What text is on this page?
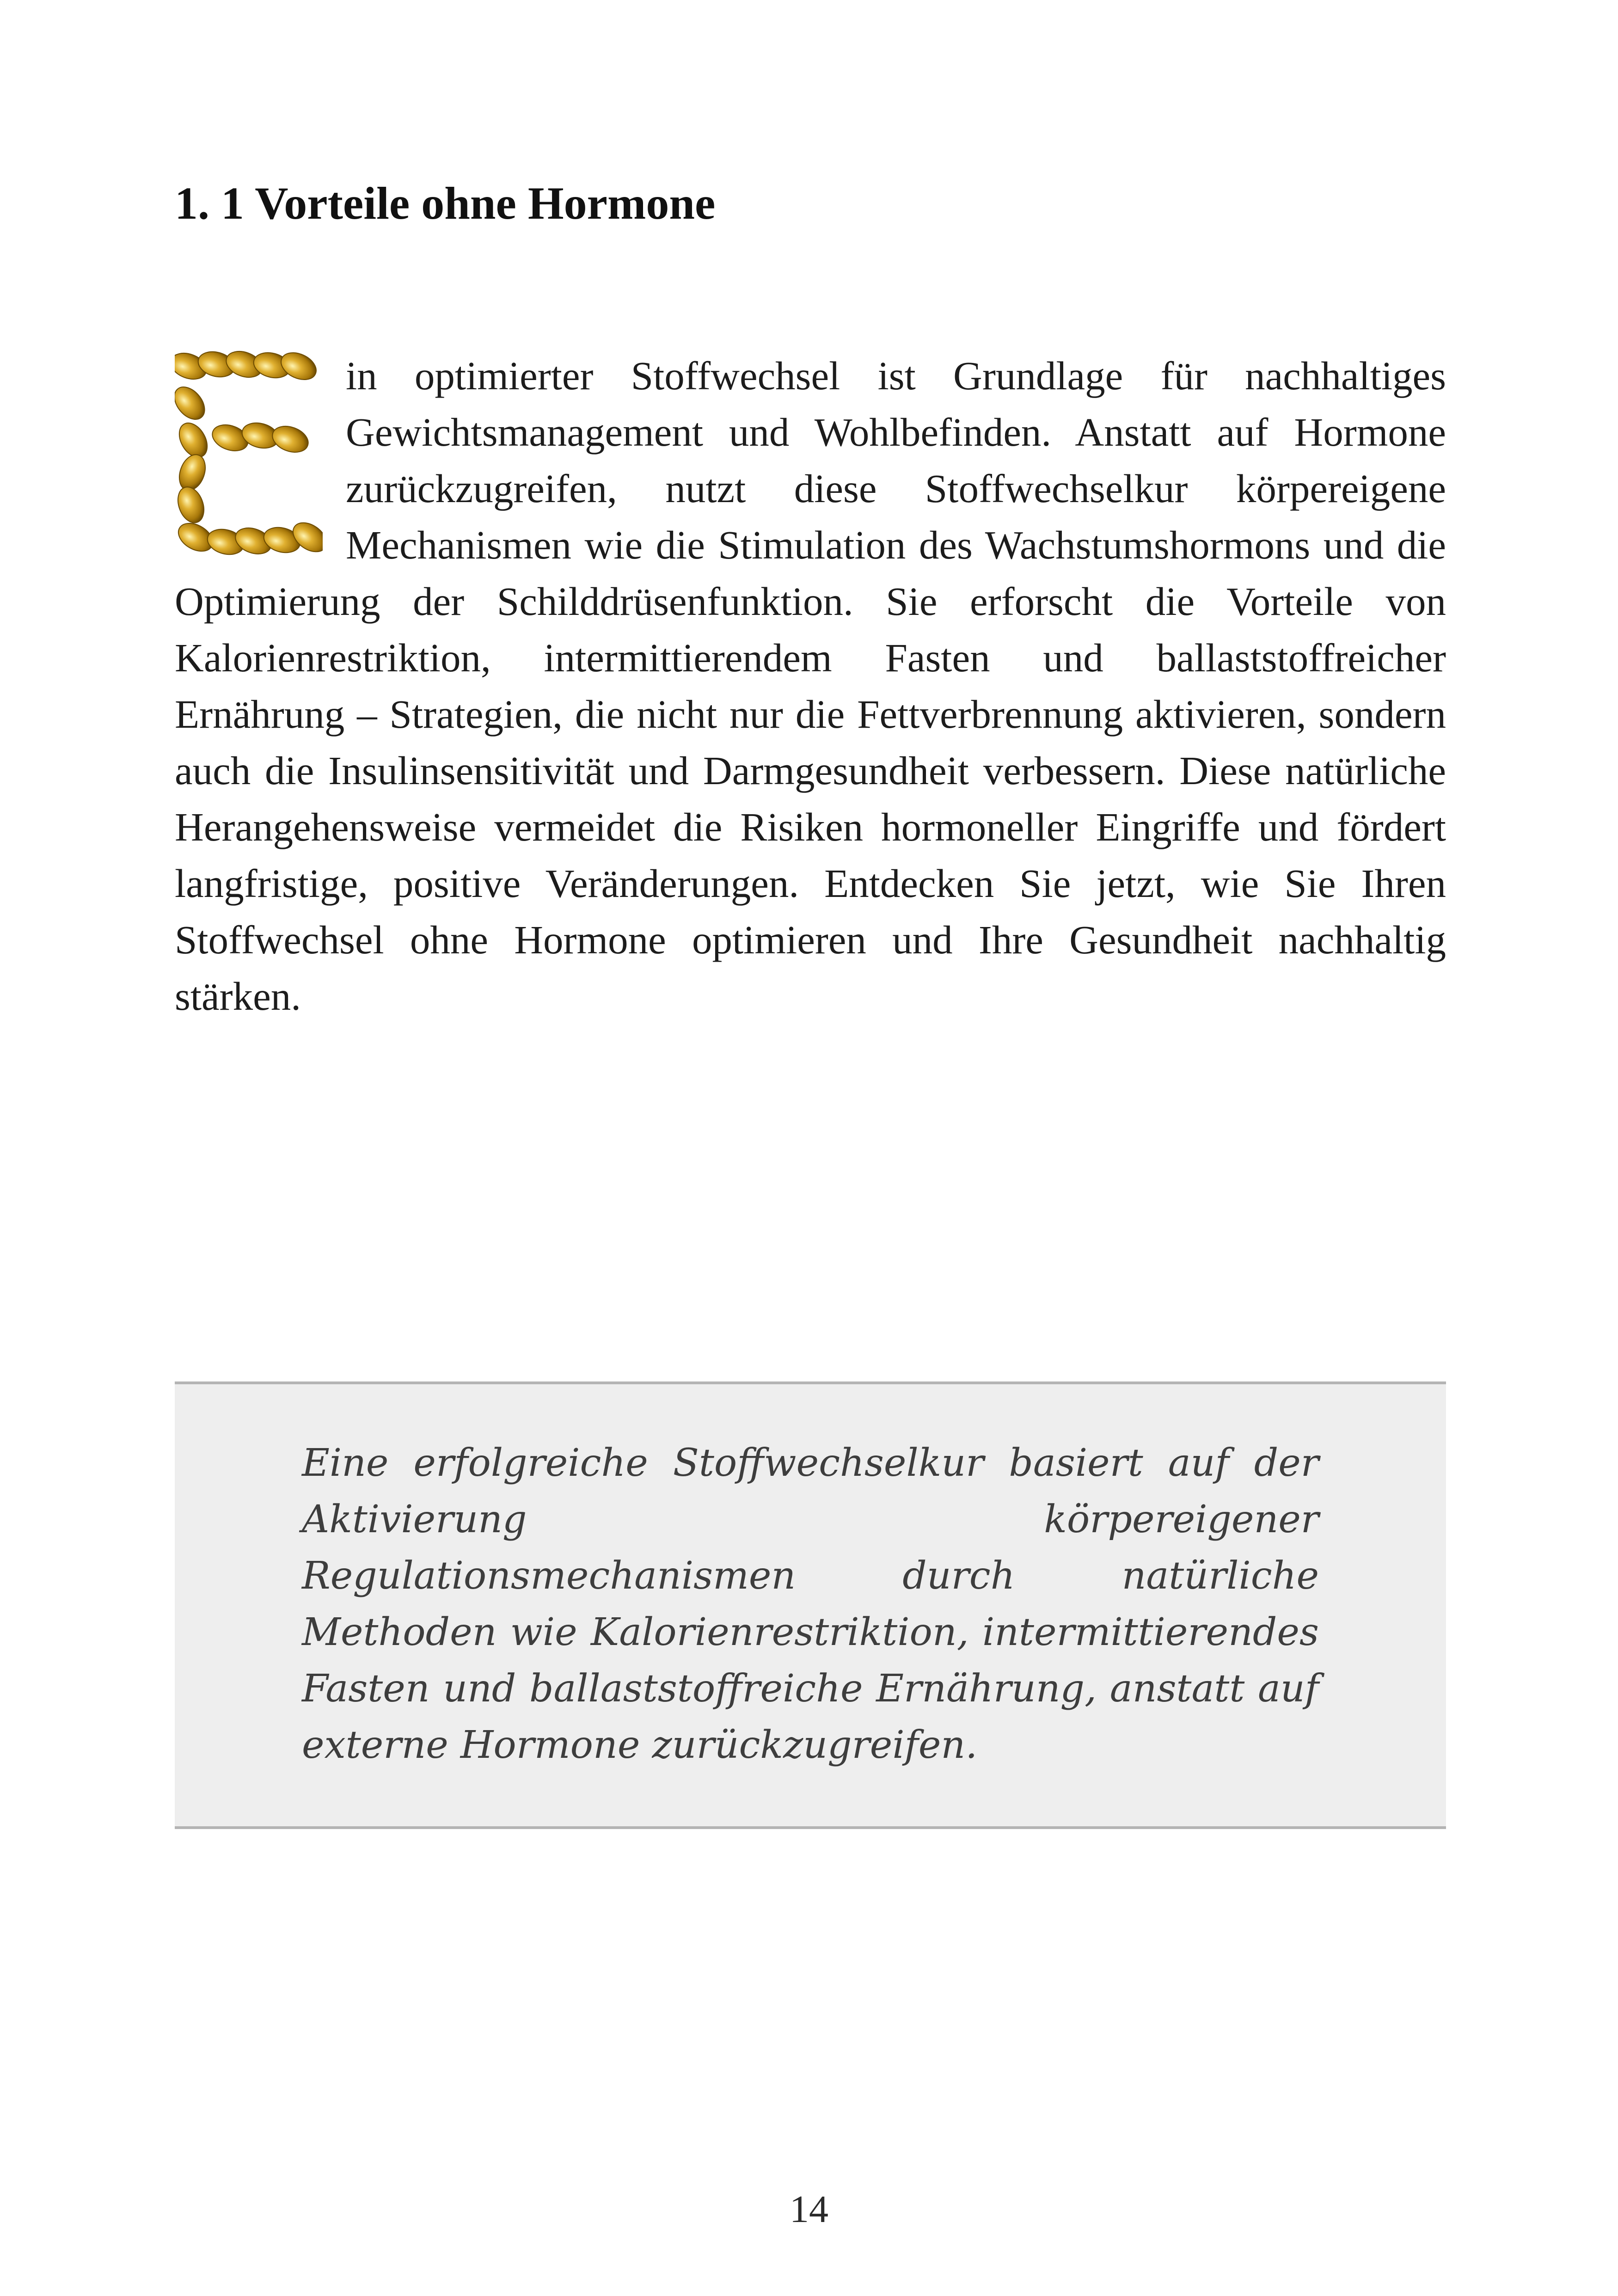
1. 1 Vorteile ohne Hormone
in optimierter Stoffwechsel ist Grundlage für nachhaltiges Gewichtsmanagement und Wohlbefinden. Anstatt auf Hormone zurückzugreifen, nutzt diese Stoffwechselkur körpereigene Mechanismen wie die Stimulation des Wachstumshormons und die Optimierung der Schilddrüsenfunktion. Sie erforscht die Vorteile von Kalorienrestriktion, intermittierendem Fasten und ballaststoffreicher Ernährung – Strategien, die nicht nur die Fettverbrennung aktivieren, sondern auch die Insulinsensitivität und Darmgesundheit verbessern. Diese natürliche Herangehensweise vermeidet die Risiken hormoneller Eingriffe und fördert langfristige, positive Veränderungen. Entdecken Sie jetzt, wie Sie Ihren Stoffwechsel ohne Hormone optimieren und Ihre Gesundheit nachhaltig stärken.

Eine erfolgreiche Stoffwechselkur basiert auf der Aktivierung körpereigener Regulationsmechanismen durch natürliche Methoden wie Kalorienrestriktion, intermittierendes Fasten und ballaststoffreiche Ernährung, anstatt auf externe Hormone zurückzugreifen.

14
